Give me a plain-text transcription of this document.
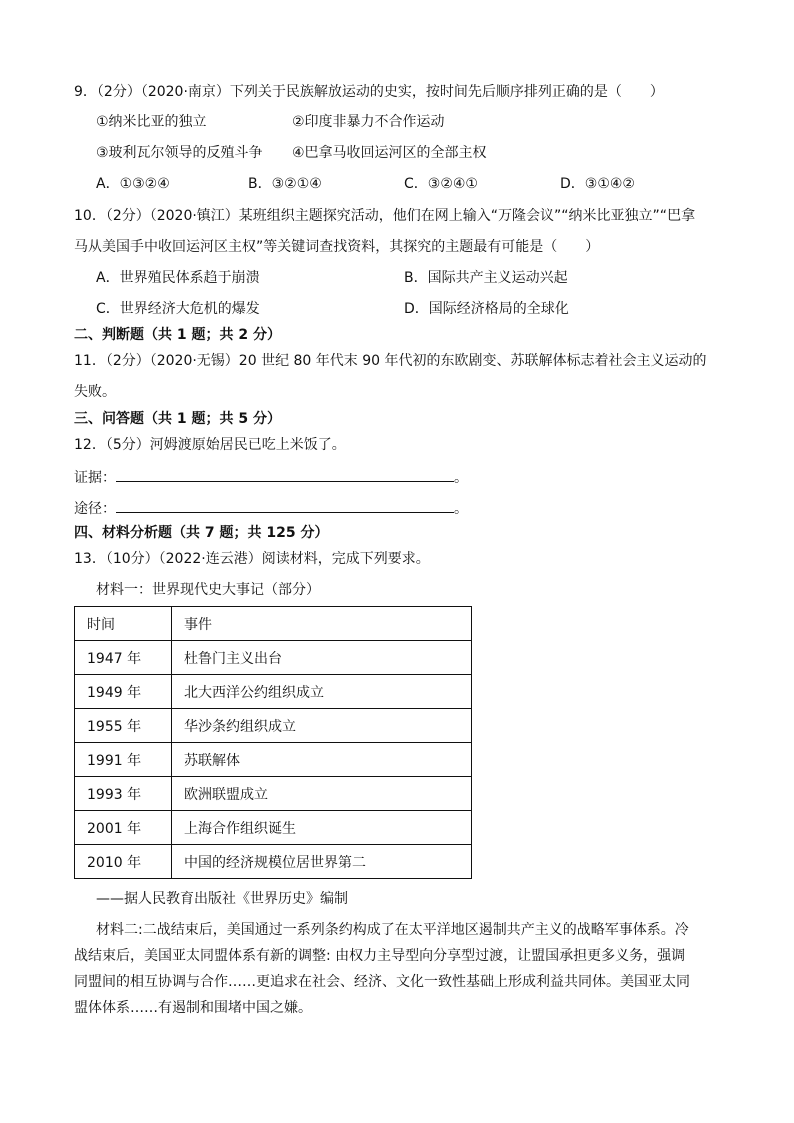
9．（2分）（2020·南京）下列关于民族解放运动的史实，按时间先后顺序排列正确的是（　　）
①纳米比亚的独立	②印度非暴力不合作运动
③玻利瓦尔领导的反殖斗争 ④巴拿马收回运河区的全部主权
A．①③②④	B．③②①④	C．③②④①	D．③①④②
10．（2分）（2020·镇江）某班组织主题探究活动，他们在网上输入“万隆会议”“纳米比亚独立”“巴拿
马从美国手中收回运河区主权”等关键词查找资料，其探究的主题最有可能是（　　）
A．世界殖民体系趋于崩溃	B．国际共产主义运动兴起
C．世界经济大危机的爆发	D．国际经济格局的全球化
二、判断题（共 1 题；共 2 分）
11．（2分）（2020·无锡）20 世纪 80 年代末 90 年代初的东欧剧变、苏联解体标志着社会主义运动的
失败。
三、问答题（共 1 题；共 5 分）
12．（5分）河姆渡原始居民已吃上米饭了。
证据：	。
途径：	。
四、材料分析题（共 7 题；共 125 分）
13．（10分）（2022·连云港）阅读材料，完成下列要求。
材料一：世界现代史大事记（部分）
时间	事件
1947 年	杜鲁门主义出台
1949 年	北大西洋公约组织成立
1955 年	华沙条约组织成立
1991 年	苏联解体
1993 年	欧洲联盟成立
2001 年	上海合作组织诞生
2010 年	中国的经济规模位居世界第二
——据人民教育出版社《世界历史》编制
材料二:二战结束后，美国通过一系列条约构成了在太平洋地区遏制共产主义的战略军事体系。冷
战结束后，美国亚太同盟体系有新的调整: 由权力主导型向分享型过渡，让盟国承担更多义务，强调
同盟间的相互协调与合作……更追求在社会、经济、文化一致性基础上形成利益共同体。美国亚太同
盟体体系……有遏制和围堵中国之嫌。
